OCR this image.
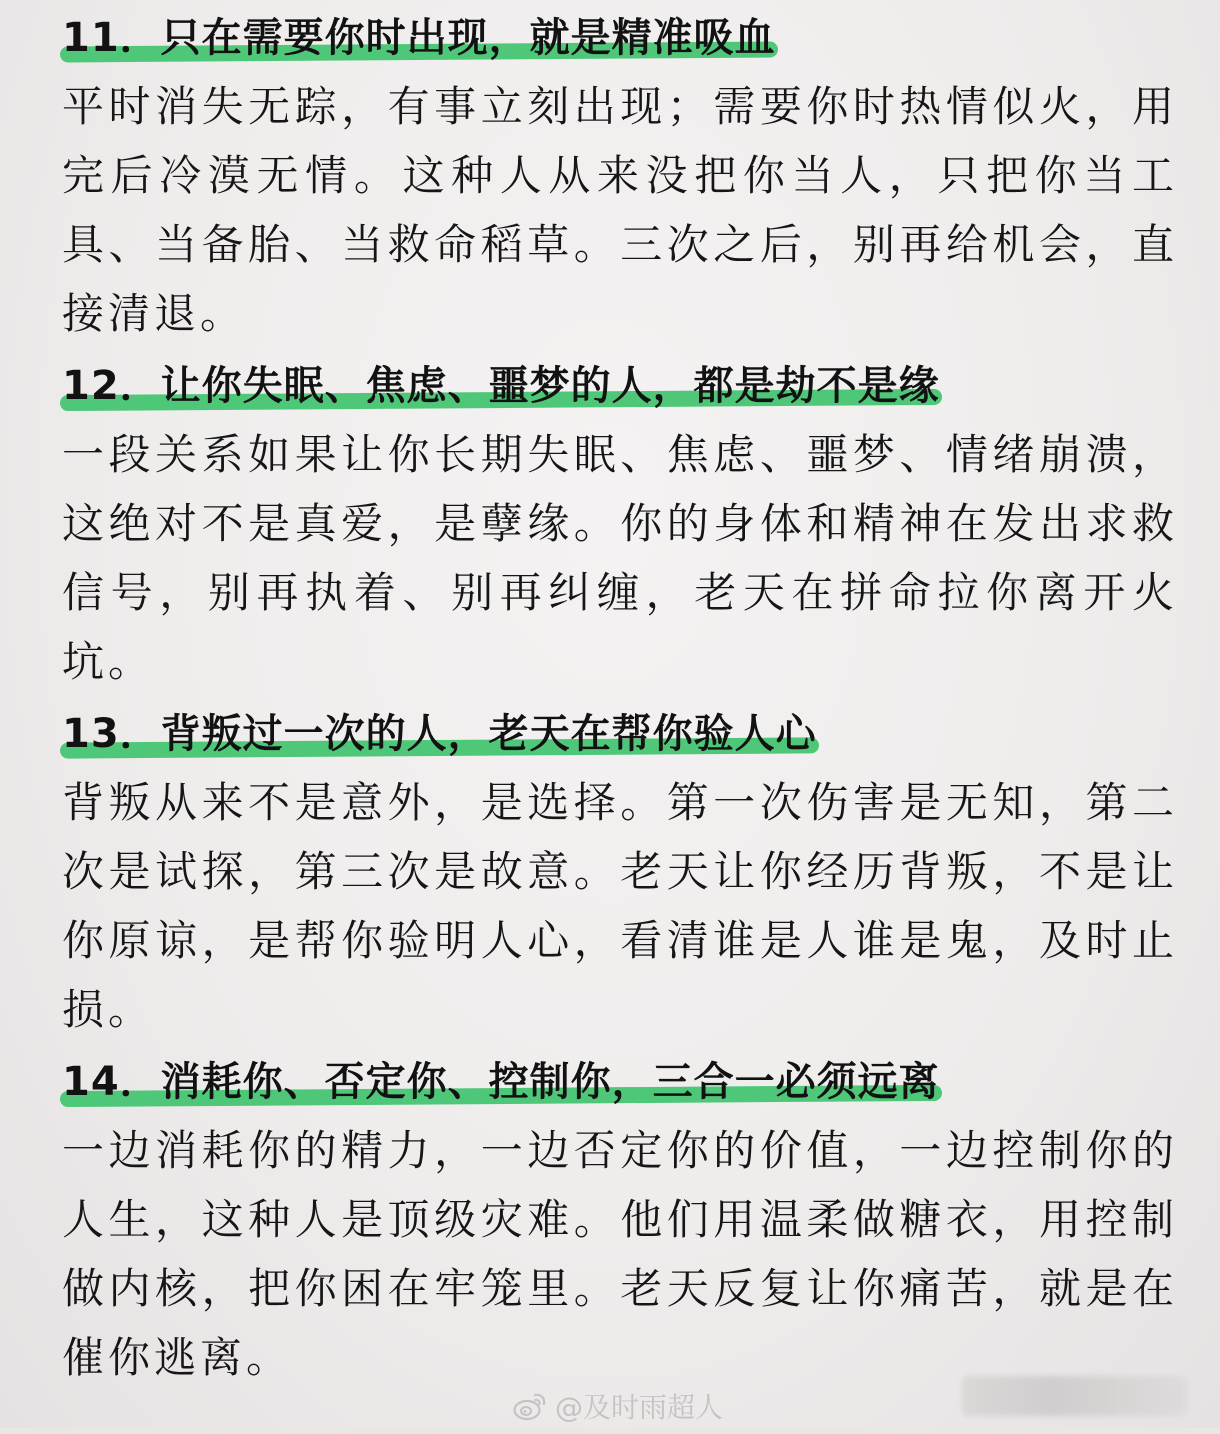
11．只在需要你时出现，就是精准吸血

平时消失无踪，有事立刻出现；需要你时热情似火，用完后冷漠无情。这种人从来没把你当人，只把你当工具、当备胎、当救命稻草。三次之后，别再给机会，直接清退。

12．让你失眠、焦虑、噩梦的人，都是劫不是缘

一段关系如果让你长期失眠、焦虑、噩梦、情绪崩溃，这绝对不是真爱，是孽缘。你的身体和精神在发出求救信号，别再执着、别再纠缠，老天在拼命拉你离开火坑。

13．背叛过一次的人，老天在帮你验人心

背叛从来不是意外，是选择。第一次伤害是无知，第二次是试探，第三次是故意。老天让你经历背叛，不是让你原谅，是帮你验明人心，看清谁是人谁是鬼，及时止损。

14．消耗你、否定你、控制你，三合一必须远离

一边消耗你的精力，一边否定你的价值，一边控制你的人生，这种人是顶级灾难。他们用温柔做糖衣，用控制做内核，把你困在牢笼里。老天反复让你痛苦，就是在催你逃离。

@及时雨超人
